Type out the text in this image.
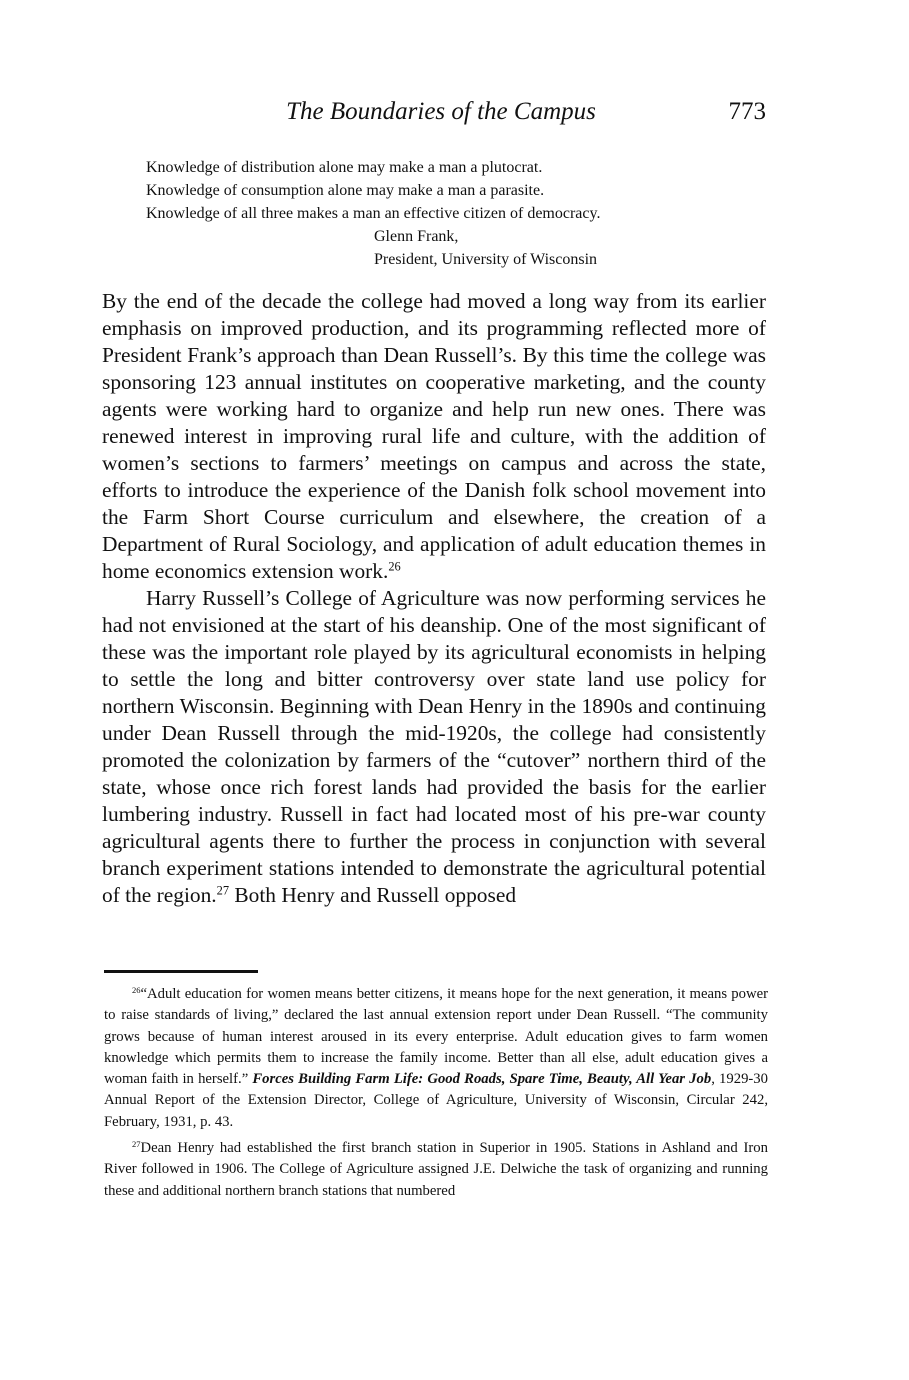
The Boundaries of the Campus	773

Knowledge of distribution alone may make a man a plutocrat.

Knowledge of consumption alone may make a man a parasite.

Knowledge of all three makes a man an effective citizen of democracy.

Glenn Frank,

President, University of Wisconsin

By the end of the decade the college had moved a long way from its earlier emphasis on improved production, and its programming reflected more of President Frank’s approach than Dean Russell’s. By this time the college was sponsoring 123 annual institutes on cooperative marketing, and the county agents were working hard to organize and help run new ones. There was renewed interest in improving rural life and culture, with the addition of women’s sections to farmers’ meetings on campus and across the state, efforts to introduce the experience of the Danish folk school movement into the Farm Short Course curriculum and elsewhere, the creation of a Department of Rural Sociology, and application of adult education themes in home economics extension work.$^{26}$

Harry Russell’s College of Agriculture was now performing services he had not envisioned at the start of his deanship. One of the most significant of these was the important role played by its agricultural economists in helping to settle the long and bitter controversy over state land use policy for northern Wisconsin. Beginning with Dean Henry in the 1890s and continuing under Dean Russell through the mid-1920s, the college had consistently promoted the colonization by farmers of the “cutover” northern third of the state, whose once rich forest lands had provided the basis for the earlier lumbering industry. Russell in fact had located most of his pre-war county agricultural agents there to further the process in conjunction with several branch experiment stations intended to demonstrate the agricultural potential of the region.$^{27}$ Both Henry and Russell opposed

$^{26}$“Adult education for women means better citizens, it means hope for the next generation, it means power to raise standards of living,” declared the last annual extension report under Dean Russell. “The community grows because of human interest aroused in its every enterprise. Adult education gives to farm women knowledge which permits them to increase the family income. Better than all else, adult education gives a woman faith in herself.” Forces Building Farm Life: Good Roads, Spare Time, Beauty, All Year Job, 1929-30 Annual Report of the Extension Director, College of Agriculture, University of Wisconsin, Circular 242, February, 1931, p. 43.

$^{27}$Dean Henry had established the first branch station in Superior in 1905. Stations in Ashland and Iron River followed in 1906. The College of Agriculture assigned J.E. Delwiche the task of organizing and running these and additional northern branch stations that numbered
